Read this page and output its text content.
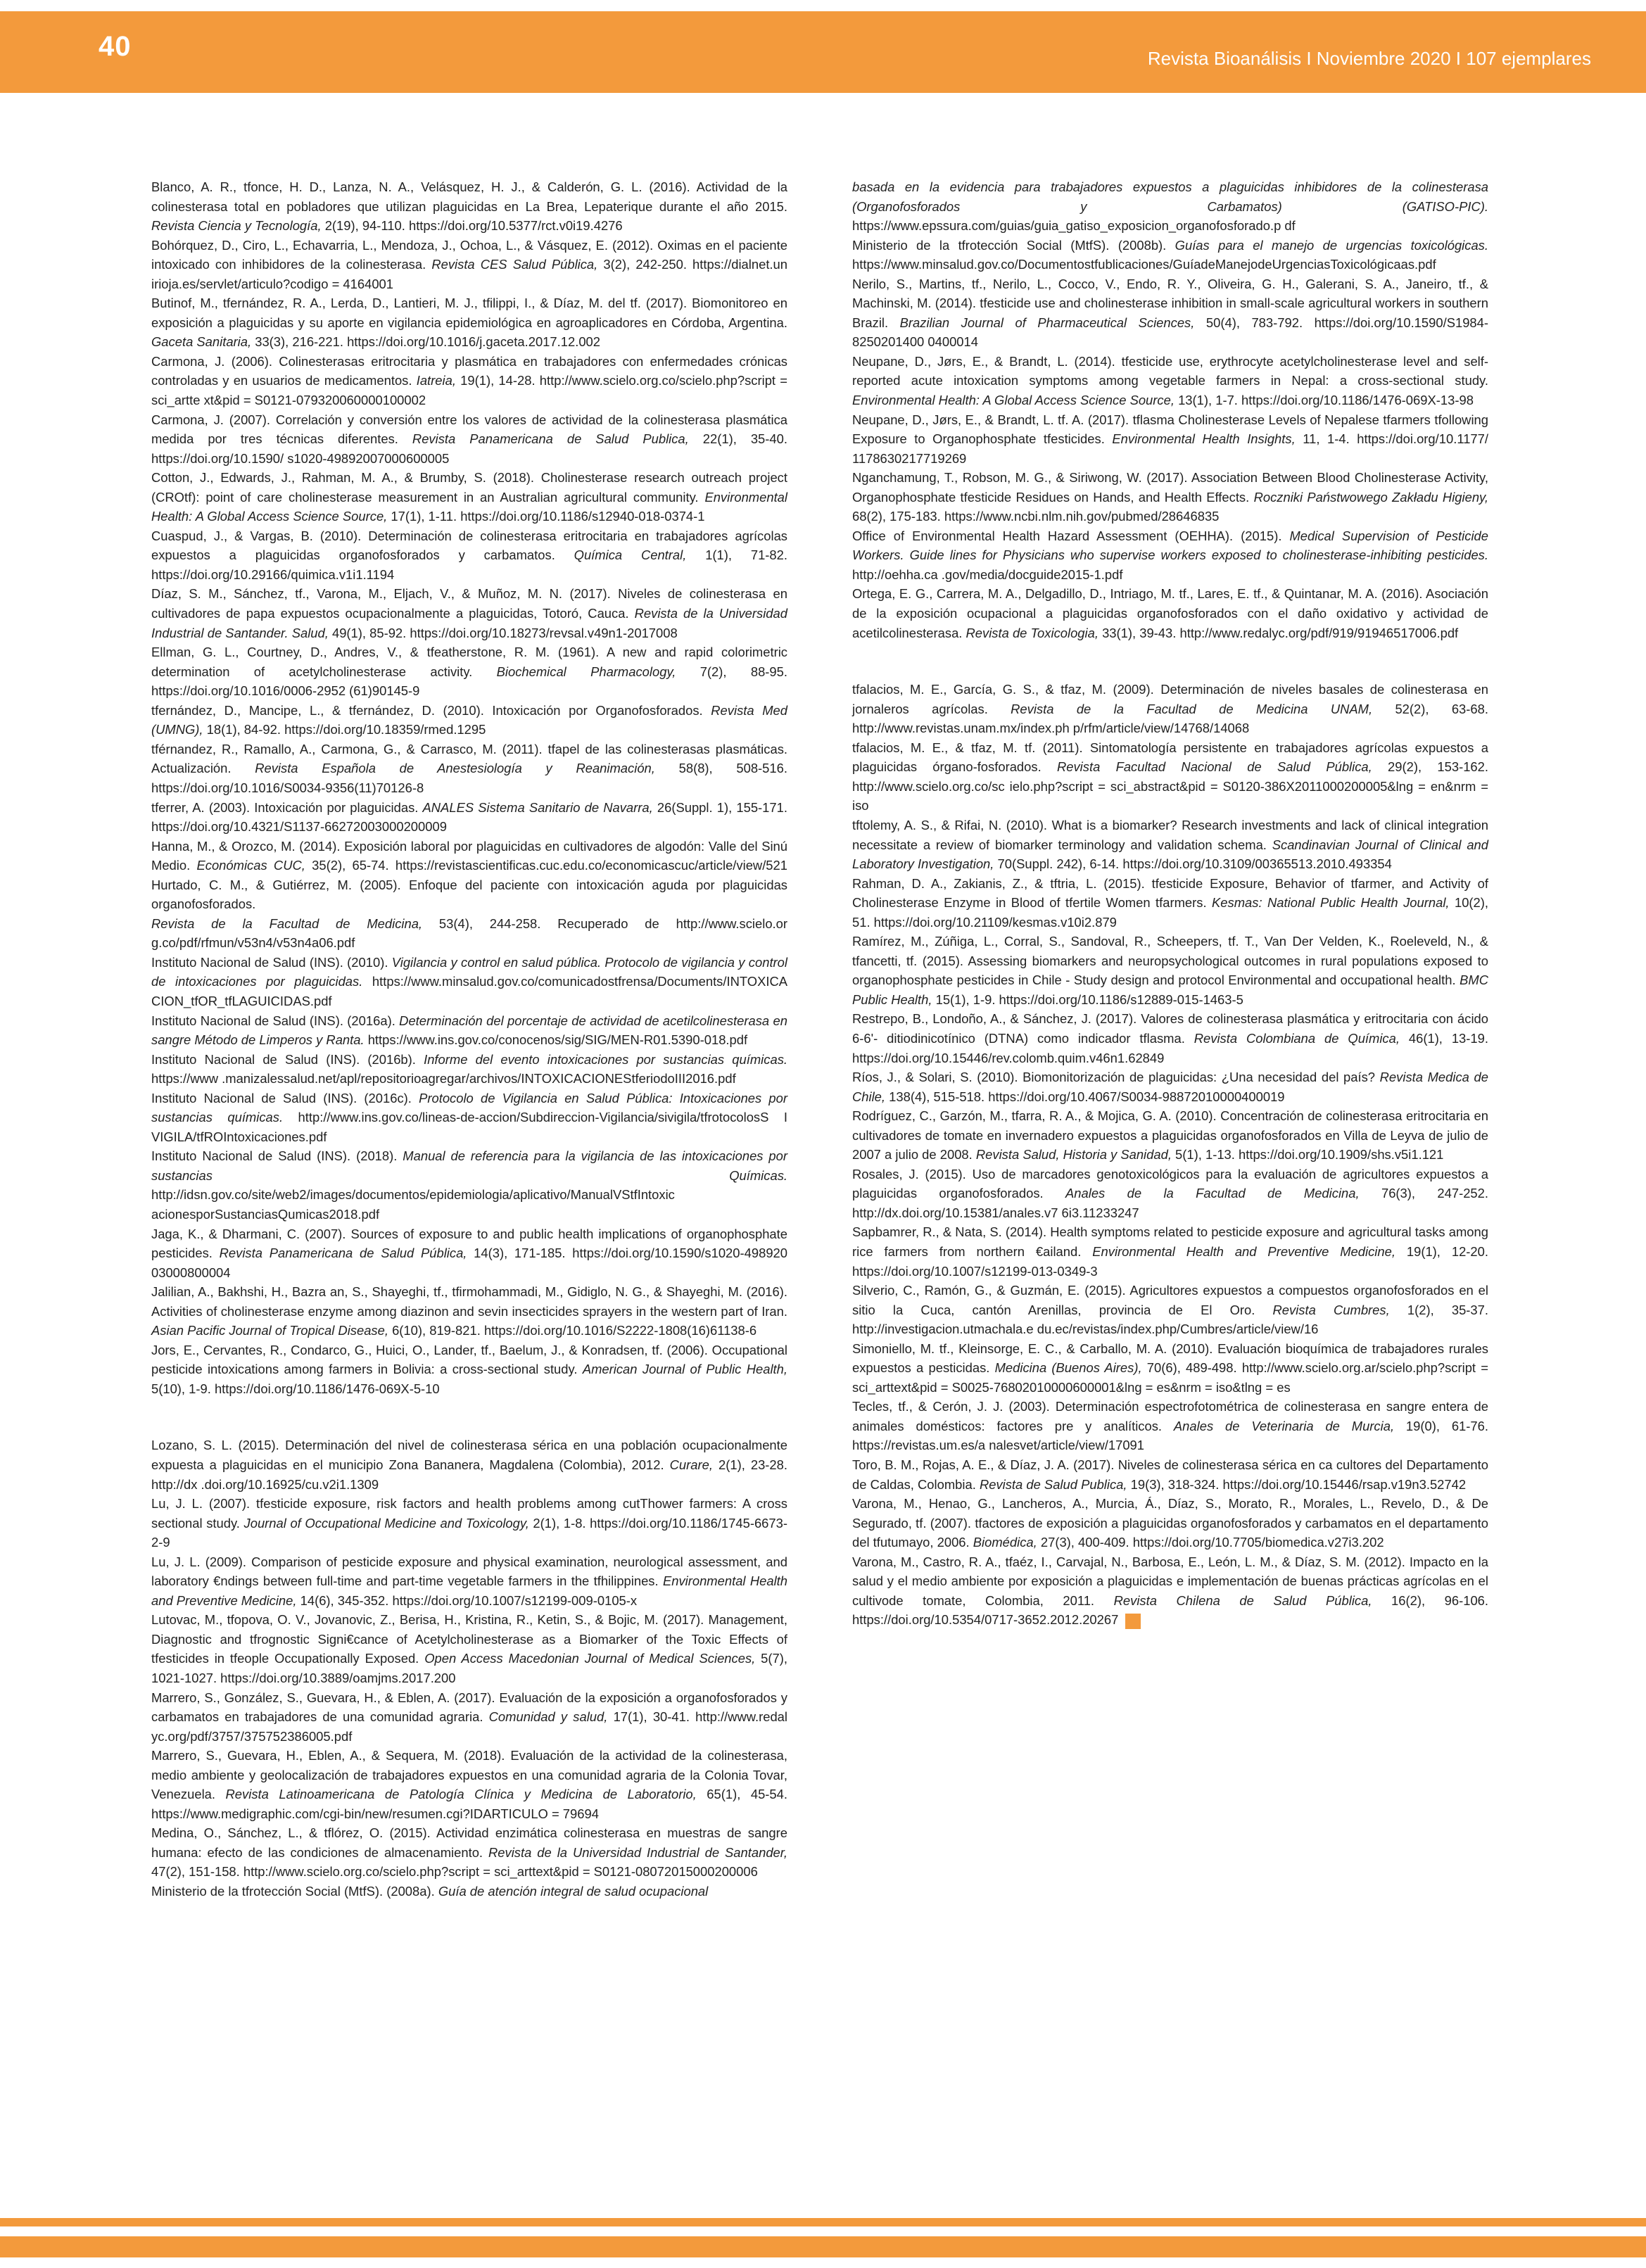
40	Revista Bioanálisis I Noviembre 2020 I 107 ejemplares

Blanco, A. R., tfonce, H. D., Lanza, N. A., Velásquez, H. J., & Calderón, G. L. (2016). Actividad de la colinesterasa total en pobladores que utilizan plaguicidas en La Brea, Lepaterique durante el año 2015. Revista Ciencia y Tecnología, 2(19), 94-110. https://doi.org/10.5377/rct.v0i19.4276

Bohórquez, D., Ciro, L., Echavarria, L., Mendoza, J., Ochoa, L., & Vásquez, E. (2012). Oximas en el paciente intoxicado con inhibidores de la colinesterasa. Revista CES Salud Pública, 3(2), 242-250. https://dialnet.un irioja.es/servlet/articulo?codigo = 4164001

Butinof, M., tfernández, R. A., Lerda, D., Lantieri, M. J., tfilippi, I., & Díaz, M. del tf. (2017). Biomonitoreo en exposición a plaguicidas y su aporte en vigilancia epidemiológica en agroaplicadores en Córdoba, Argentina. Gaceta Sanitaria, 33(3), 216-221. https://doi.org/10.1016/j.gaceta.2017.12.002

Carmona, J. (2006). Colinesterasas eritrocitaria y plasmática en trabajadores con enfermedades crónicas controladas y en usuarios de medicamentos. Iatreia, 19(1), 14-28. http://www.scielo.org.co/scielo.php?script = sci_artte xt&pid = S0121-079320060000100002

Carmona, J. (2007). Correlación y conversión entre los valores de actividad de la colinesterasa plasmática medida por tres técnicas diferentes. Revista Panamericana de Salud Publica, 22(1), 35-40. https://doi.org/10.1590/ s1020-49892007000600005

Cotton, J., Edwards, J., Rahman, M. A., & Brumby, S. (2018). Cholinesterase research outreach project (CROtf): point of care cholinesterase measurement in an Australian agricultural community. Environmental Health: A Global Access Science Source, 17(1), 1-11. https://doi.org/10.1186/s12940-018-0374-1

Cuaspud, J., & Vargas, B. (2010). Determinación de colinesterasa eritrocitaria en trabajadores agrícolas expuestos a plaguicidas organofosforados y carbamatos. Química Central, 1(1), 71-82. https://doi.org/10.29166/quimica.v1i1.1194

Díaz, S. M., Sánchez, tf., Varona, M., Eljach, V., & Muñoz, M. N. (2017). Niveles de colinesterasa en cultivadores de papa expuestos ocupacionalmente a plaguicidas, Totoró, Cauca. Revista de la Universidad Industrial de Santander. Salud, 49(1), 85-92. https://doi.org/10.18273/revsal.v49n1-2017008

Ellman, G. L., Courtney, D., Andres, V., & tfeatherstone, R. M. (1961). A new and rapid colorimetric determination of acetylcholinesterase activity. Biochemical Pharmacology, 7(2), 88-95. https://doi.org/10.1016/0006-2952 (61)90145-9

tfernández, D., Mancipe, L., & tfernández, D. (2010). Intoxicación por Organofosforados. Revista Med (UMNG), 18(1), 84-92. https://doi.org/10.18359/rmed.1295

tférnandez, R., Ramallo, A., Carmona, G., & Carrasco, M. (2011). tfapel de las colinesterasas plasmáticas. Actualización. Revista Española de Anestesiología y Reanimación, 58(8), 508-516. https://doi.org/10.1016/S0034-9356(11)70126-8

tferrer, A. (2003). Intoxicación por plaguicidas. ANALES Sistema Sanitario de Navarra, 26(Suppl. 1), 155-171. https://doi.org/10.4321/S1137-66272003000200009

Hanna, M., & Orozco, M. (2014). Exposición laboral por plaguicidas en cultivadores de algodón: Valle del Sinú Medio. Económicas CUC, 35(2), 65-74. https://revistascientificas.cuc.edu.co/economicascuc/article/view/521 Hurtado, C. M., & Gutiérrez, M. (2005). Enfoque del paciente con intoxicación aguda por plaguicidas organofosforados.

Revista de la Facultad de Medicina, 53(4), 244-258. Recuperado de http://www.scielo.or g.co/pdf/rfmun/v53n4/v53n4a06.pdf

Instituto Nacional de Salud (INS). (2010). Vigilancia y control en salud pública. Protocolo de vigilancia y control de intoxicaciones por plaguicidas. https://www.minsalud.gov.co/comunicadostfrensa/Documents/INTOXICA CION_tfOR_tfLAGUICIDAS.pdf

Instituto Nacional de Salud (INS). (2016a). Determinación del porcentaje de actividad de acetilcolinesterasa en sangre Método de Limperos y Ranta. https://www.ins.gov.co/conocenos/sig/SIG/MEN-R01.5390-018.pdf

Instituto Nacional de Salud (INS). (2016b). Informe del evento intoxicaciones por sustancias químicas. https://www .manizalessalud.net/apl/repositorioagregar/archivos/INTOXICACIONEStferiodoIII2016.pdf

Instituto Nacional de Salud (INS). (2016c). Protocolo de Vigilancia en Salud Pública: Intoxicaciones por sustancias químicas. http://www.ins.gov.co/lineas-de-accion/Subdireccion-Vigilancia/sivigila/tfrotocolosS I VIGILA/tfROIntoxicaciones.pdf

Instituto Nacional de Salud (INS). (2018). Manual de referencia para la vigilancia de las intoxicaciones por sustancias Químicas. http://idsn.gov.co/site/web2/images/documentos/epidemiologia/aplicativo/ManualVStfIntoxic acionesporSustanciasQumicas2018.pdf

Jaga, K., & Dharmani, C. (2007). Sources of exposure to and public health implications of organophosphate pesticides. Revista Panamericana de Salud Pública, 14(3), 171-185. https://doi.org/10.1590/s1020-498920 03000800004

Jalilian, A., Bakhshi, H., Bazra an, S., Shayeghi, tf., tfirmohammadi, M., Gidiglo, N. G., & Shayeghi, M. (2016). Activities of cholinesterase enzyme among diazinon and sevin insecticides sprayers in the western part of Iran. Asian Pacific Journal of Tropical Disease, 6(10), 819-821. https://doi.org/10.1016/S2222-1808(16)61138-6

Jors, E., Cervantes, R., Condarco, G., Huici, O., Lander, tf., Baelum, J., & Konradsen, tf. (2006). Occupational pesticide intoxications among farmers in Bolivia: a cross-sectional study. American Journal of Public Health, 5(10), 1-9. https://doi.org/10.1186/1476-069X-5-10

Lozano, S. L. (2015). Determinación del nivel de colinesterasa sérica en una población ocupacionalmente expuesta a plaguicidas en el municipio Zona Bananera, Magdalena (Colombia), 2012. Curare, 2(1), 23-28. http://dx .doi.org/10.16925/cu.v2i1.1309

Lu, J. L. (2007). tfesticide exposure, risk factors and health problems among cutThower farmers: A cross sectional study. Journal of Occupational Medicine and Toxicology, 2(1), 1-8. https://doi.org/10.1186/1745-6673-2-9

Lu, J. L. (2009). Comparison of pesticide exposure and physical examination, neurological assessment, and laboratory €ndings between full-time and part-time vegetable farmers in the tfhilippines. Environmental Health and Preventive Medicine, 14(6), 345-352. https://doi.org/10.1007/s12199-009-0105-x

Lutovac, M., tfopova, O. V., Jovanovic, Z., Berisa, H., Kristina, R., Ketin, S., & Bojic, M. (2017). Management, Diagnostic and tfrognostic Signi€cance of Acetylcholinesterase as a Biomarker of the Toxic Effects of tfesticides in tfeople Occupationally Exposed. Open Access Macedonian Journal of Medical Sciences, 5(7), 1021-1027. https://doi.org/10.3889/oamjms.2017.200

Marrero, S., González, S., Guevara, H., & Eblen, A. (2017). Evaluación de la exposición a organofosforados y carbamatos en trabajadores de una comunidad agraria. Comunidad y salud, 17(1), 30-41. http://www.redal yc.org/pdf/3757/375752386005.pdf

Marrero, S., Guevara, H., Eblen, A., & Sequera, M. (2018). Evaluación de la actividad de la colinesterasa, medio ambiente y geolocalización de trabajadores expuestos en una comunidad agraria de la Colonia Tovar, Venezuela. Revista Latinoamericana de Patología Clínica y Medicina de Laboratorio, 65(1), 45-54. https://www.medigraphic.com/cgi-bin/new/resumen.cgi?IDARTICULO = 79694

Medina, O., Sánchez, L., & tflórez, O. (2015). Actividad enzimática colinesterasa en muestras de sangre humana: efecto de las condiciones de almacenamiento. Revista de la Universidad Industrial de Santander, 47(2), 151-158. http://www.scielo.org.co/scielo.php?script = sci_arttext&pid = S0121-08072015000200006

Ministerio de la tfrotección Social (MtfS). (2008a). Guía de atención integral de salud ocupacional

basada en la evidencia para trabajadores expuestos a plaguicidas inhibidores de la colinesterasa (Organofosforados y Carbamatos) (GATISO-PIC). https://www.epssura.com/guias/guia_gatiso_exposicion_organofosforado.p df

Ministerio de la tfrotección Social (MtfS). (2008b). Guías para el manejo de urgencias toxicológicas. https://www.minsalud.gov.co/Documentostfublicaciones/GuíadeManejodeUrgenciasToxicológicaas.pdf

Nerilo, S., Martins, tf., Nerilo, L., Cocco, V., Endo, R. Y., Oliveira, G. H., Galerani, S. A., Janeiro, tf., & Machinski, M. (2014). tfesticide use and cholinesterase inhibition in small-scale agricultural workers in southern Brazil. Brazilian Journal of Pharmaceutical Sciences, 50(4), 783-792. https://doi.org/10.1590/S1984-8250201400 0400014

Neupane, D., Jørs, E., & Brandt, L. (2014). tfesticide use, erythrocyte acetylcholinesterase level and self-reported acute intoxication symptoms among vegetable farmers in Nepal: a cross-sectional study. Environmental Health: A Global Access Science Source, 13(1), 1-7. https://doi.org/10.1186/1476-069X-13-98

Neupane, D., Jørs, E., & Brandt, L. tf. A. (2017). tflasma Cholinesterase Levels of Nepalese tfarmers tfollowing Exposure to Organophosphate tfesticides. Environmental Health Insights, 11, 1-4. https://doi.org/10.1177/ 1178630217719269

Nganchamung, T., Robson, M. G., & Siriwong, W. (2017). Association Between Blood Cholinesterase Activity, Organophosphate tfesticide Residues on Hands, and Health Effects. Roczniki Państwowego Zakładu Higieny, 68(2), 175-183. https://www.ncbi.nlm.nih.gov/pubmed/28646835

Office of Environmental Health Hazard Assessment (OEHHA). (2015). Medical Supervision of Pesticide Workers. Guide lines for Physicians who supervise workers exposed to cholinesterase-inhibiting pesticides. http://oehha.ca .gov/media/docguide2015-1.pdf

Ortega, E. G., Carrera, M. A., Delgadillo, D., Intriago, M. tf., Lares, E. tf., & Quintanar, M. A. (2016). Asociación de la exposición ocupacional a plaguicidas organofosforados con el daño oxidativo y actividad de acetilcolinesterasa. Revista de Toxicologia, 33(1), 39-43. http://www.redalyc.org/pdf/919/91946517006.pdf

tfalacios, M. E., García, G. S., & tfaz, M. (2009). Determinación de niveles basales de colinesterasa en jornaleros agrícolas. Revista de la Facultad de Medicina UNAM, 52(2), 63-68. http://www.revistas.unam.mx/index.ph p/rfm/article/view/14768/14068

tfalacios, M. E., & tfaz, M. tf. (2011). Sintomatología persistente en trabajadores agrícolas expuestos a plaguicidas órgano-fosforados. Revista Facultad Nacional de Salud Pública, 29(2), 153-162. http://www.scielo.org.co/sc ielo.php?script = sci_abstract&pid = S0120-386X2011000200005&lng = en&nrm = iso

tftolemy, A. S., & Rifai, N. (2010). What is a biomarker? Research investments and lack of clinical integration necessitate a review of biomarker terminology and validation schema. Scandinavian Journal of Clinical and Laboratory Investigation, 70(Suppl. 242), 6-14. https://doi.org/10.3109/00365513.2010.493354

Rahman, D. A., Zakianis, Z., & tftria, L. (2015). tfesticide Exposure, Behavior of tfarmer, and Activity of Cholinesterase Enzyme in Blood of tfertile Women tfarmers. Kesmas: National Public Health Journal, 10(2), 51. https://doi.org/10.21109/kesmas.v10i2.879

Ramírez, M., Zúñiga, L., Corral, S., Sandoval, R., Scheepers, tf. T., Van Der Velden, K., Roeleveld, N., & tfancetti, tf. (2015). Assessing biomarkers and neuropsychological outcomes in rural populations exposed to organophosphate pesticides in Chile - Study design and protocol Environmental and occupational health. BMC Public Health, 15(1), 1-9. https://doi.org/10.1186/s12889-015-1463-5

Restrepo, B., Londoño, A., & Sánchez, J. (2017). Valores de colinesterasa plasmática y eritrocitaria con ácido 6-6'- ditiodinicotínico (DTNA) como indicador tflasma. Revista Colombiana de Química, 46(1), 13-19. https://doi.org/10.15446/rev.colomb.quim.v46n1.62849

Ríos, J., & Solari, S. (2010). Biomonitorización de plaguicidas: ¿Una necesidad del país? Revista Medica de Chile, 138(4), 515-518. https://doi.org/10.4067/S0034-98872010000400019

Rodríguez, C., Garzón, M., tfarra, R. A., & Mojica, G. A. (2010). Concentración de colinesterasa eritrocitaria en cultivadores de tomate en invernadero expuestos a plaguicidas organofosforados en Villa de Leyva de julio de 2007 a julio de 2008. Revista Salud, Historia y Sanidad, 5(1), 1-13. https://doi.org/10.1909/shs.v5i1.121

Rosales, J. (2015). Uso de marcadores genotoxicológicos para la evaluación de agricultores expuestos a plaguicidas organofosforados. Anales de la Facultad de Medicina, 76(3), 247-252. http://dx.doi.org/10.15381/anales.v7 6i3.11233247

Sapbamrer, R., & Nata, S. (2014). Health symptoms related to pesticide exposure and agricultural tasks among rice farmers from northern €ailand. Environmental Health and Preventive Medicine, 19(1), 12-20. https://doi.org/10.1007/s12199-013-0349-3

Silverio, C., Ramón, G., & Guzmán, E. (2015). Agricultores expuestos a compuestos organofosforados en el sitio la Cuca, cantón Arenillas, provincia de El Oro. Revista Cumbres, 1(2), 35-37. http://investigacion.utmachala.e du.ec/revistas/index.php/Cumbres/article/view/16

Simoniello, M. tf., Kleinsorge, E. C., & Carballo, M. A. (2010). Evaluación bioquímica de trabajadores rurales expuestos a pesticidas. Medicina (Buenos Aires), 70(6), 489-498. http://www.scielo.org.ar/scielo.php?script = sci_arttext&pid = S0025-76802010000600001&lng = es&nrm = iso&tlng = es

Tecles, tf., & Cerón, J. J. (2003). Determinación espectrofotométrica de colinesterasa en sangre entera de animales domésticos: factores pre y analíticos. Anales de Veterinaria de Murcia, 19(0), 61-76. https://revistas.um.es/a nalesvet/article/view/17091

Toro, B. M., Rojas, A. E., & Díaz, J. A. (2017). Niveles de colinesterasa sérica en ca cultores del Departamento de Caldas, Colombia. Revista de Salud Publica, 19(3), 318-324. https://doi.org/10.15446/rsap.v19n3.52742

Varona, M., Henao, G., Lancheros, A., Murcia, Á., Díaz, S., Morato, R., Morales, L., Revelo, D., & De Segurado, tf. (2007). tfactores de exposición a plaguicidas organofosforados y carbamatos en el departamento del tfutumayo, 2006. Biomédica, 27(3), 400-409. https://doi.org/10.7705/biomedica.v27i3.202

Varona, M., Castro, R. A., tfaéz, I., Carvajal, N., Barbosa, E., León, L. M., & Díaz, S. M. (2012). Impacto en la salud y el medio ambiente por exposición a plaguicidas e implementación de buenas prácticas agrícolas en el cultivode tomate, Colombia, 2011. Revista Chilena de Salud Pública, 16(2), 96-106. https://doi.org/10.5354/0717-3652.2012.20267
